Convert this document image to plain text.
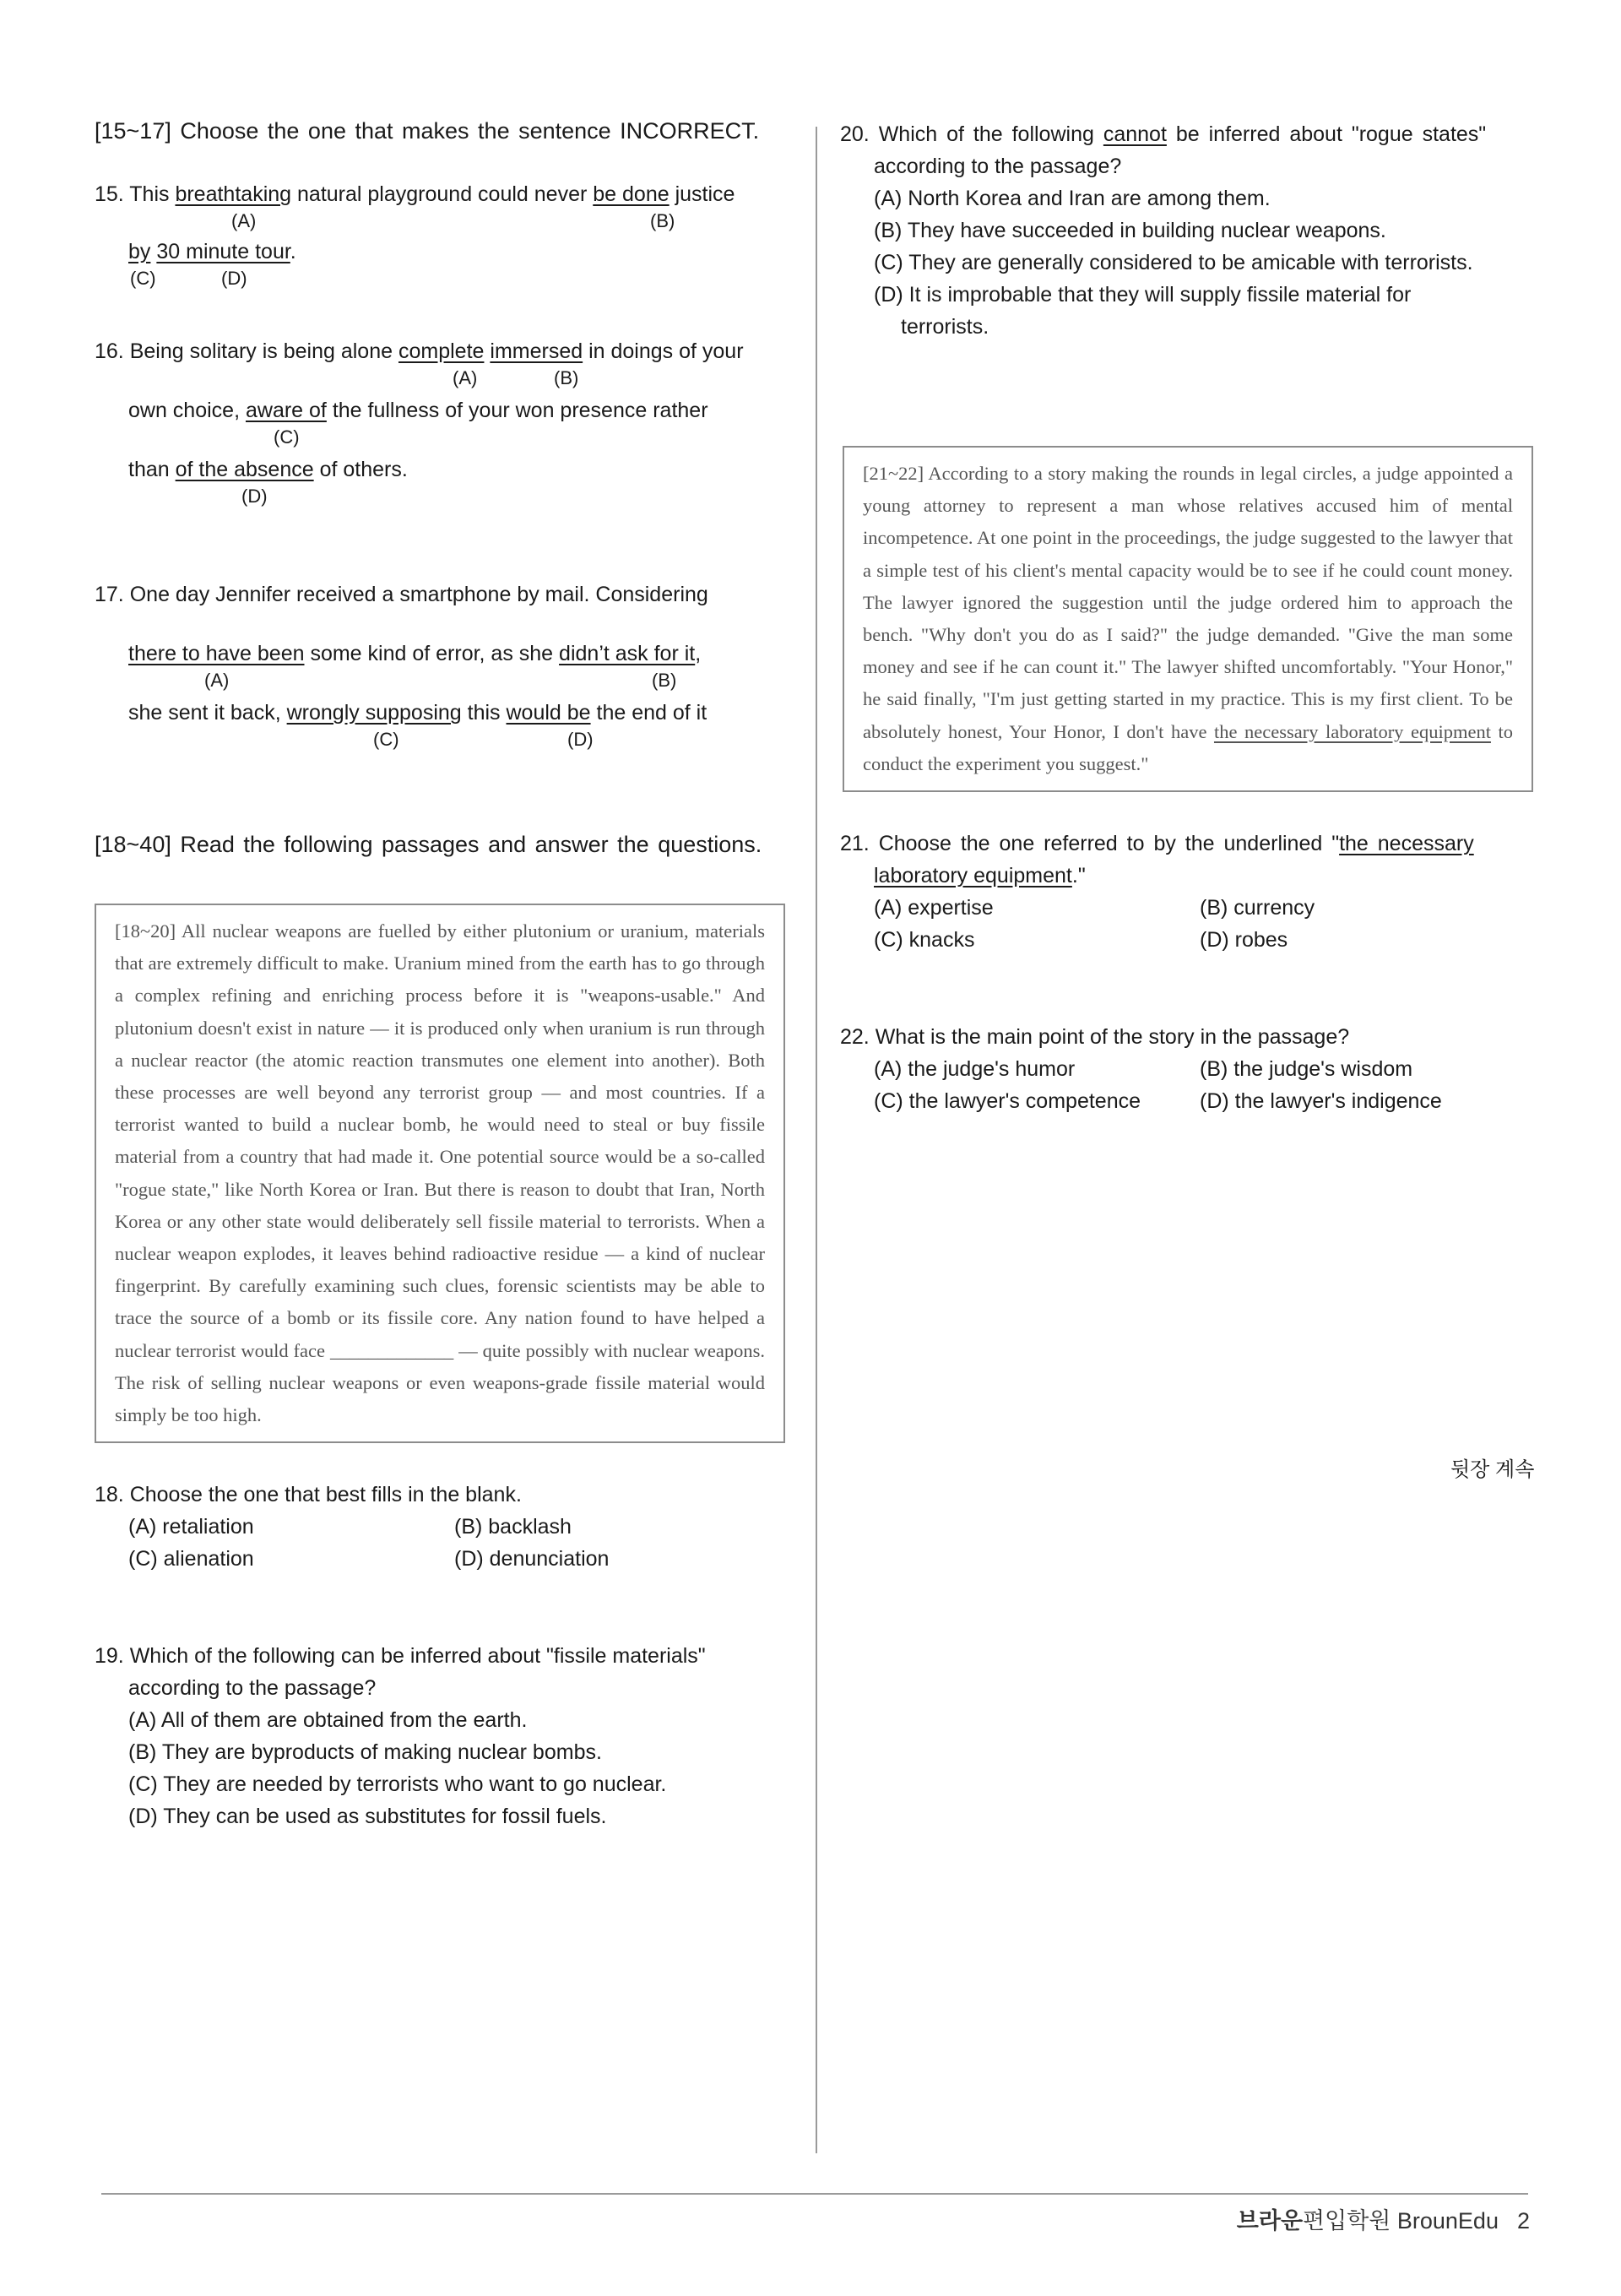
[15~17] Choose the one that makes the sentence INCORRECT.
15. This breathtaking natural playground could never be done justice
(A)	(B)
by 30 minute tour.
(C)	(D)
16. Being solitary is being alone complete immersed in doings of your
(A)	(B)
own choice, aware of the fullness of your won presence rather
(C)
than of the absence of others.
(D)
17. One day Jennifer received a smartphone by mail. Considering
there to have been some kind of error, as she didn’t ask for it,
(A)	(B)
she sent it back, wrongly supposing this would be the end of it
(C)	(D)
[18~40] Read the following passages and answer the questions.
[18~20] All nuclear weapons are fuelled by either plutonium or uranium, materials that are extremely difficult to make. Uranium mined from the earth has to go through a complex refining and enriching process before it is "weapons-usable." And plutonium doesn't exist in nature — it is produced only when uranium is run through a nuclear reactor (the atomic reaction transmutes one element into another). Both these processes are well beyond any terrorist group — and most countries. If a terrorist wanted to build a nuclear bomb, he would need to steal or buy fissile material from a country that had made it. One potential source would be a so-called "rogue state," like North Korea or Iran. But there is reason to doubt that Iran, North Korea or any other state would deliberately sell fissile material to terrorists. When a nuclear weapon explodes, it leaves behind radioactive residue — a kind of nuclear fingerprint. By carefully examining such clues, forensic scientists may be able to trace the source of a bomb or its fissile core. Any nation found to have helped a nuclear terrorist would face _____________ — quite possibly with nuclear weapons. The risk of selling nuclear weapons or even weapons-grade fissile material would simply be too high.
18. Choose the one that best fills in the blank.
(A) retaliation	(B) backlash
(C) alienation	(D) denunciation
19. Which of the following can be inferred about "fissile materials"
according to the passage?
(A) All of them are obtained from the earth.
(B) They are byproducts of making nuclear bombs.
(C) They are needed by terrorists who want to go nuclear.
(D) They can be used as substitutes for fossil fuels.
20. Which of the following cannot be inferred about "rogue states"
according to the passage?
(A) North Korea and Iran are among them.
(B) They have succeeded in building nuclear weapons.
(C) They are generally considered to be amicable with terrorists.
(D) It is improbable that they will supply fissile material for
terrorists.
[21~22] According to a story making the rounds in legal circles, a judge appointed a young attorney to represent a man whose relatives accused him of mental incompetence. At one point in the proceedings, the judge suggested to the lawyer that a simple test of his client's mental capacity would be to see if he could count money. The lawyer ignored the suggestion until the judge ordered him to approach the bench. "Why don't you do as I said?" the judge demanded. "Give the man some money and see if he can count it." The lawyer shifted uncomfortably. "Your Honor," he said finally, "I'm just getting started in my practice. This is my first client. To be absolutely honest, Your Honor, I don't have the necessary laboratory equipment to conduct the experiment you suggest."
21. Choose the one referred to by the underlined "the necessary
laboratory equipment."
(A) expertise	(B) currency
(C) knacks	(D) robes
22. What is the main point of the story in the passage?
(A) the judge's humor	(B) the judge's wisdom
(C) the lawyer's competence	(D) the lawyer's indigence
뒷장 계속
브라운편입학원 BrounEdu 2
